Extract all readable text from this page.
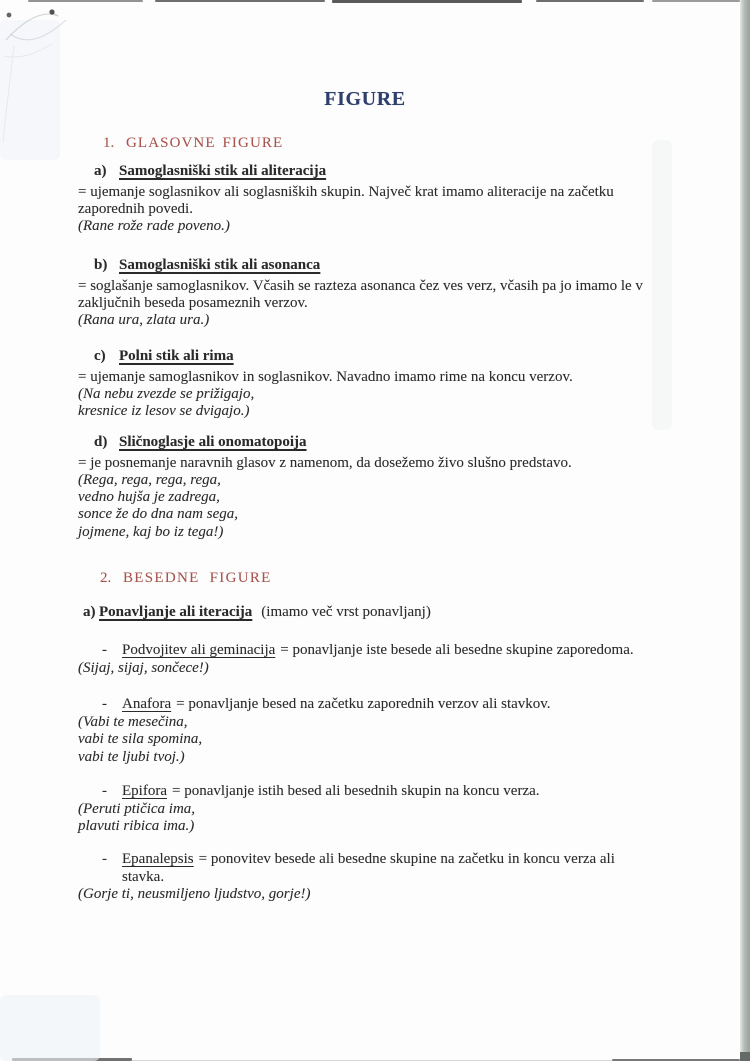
FIGURE
1. GLASOVNE FIGURE
a) Samoglasniški stik ali aliteracija
= ujemanje soglasnikov ali soglasniških skupin. Največ krat imamo aliteracije na začetku
zaporednih povedi.
(Rane rože rade poveno.)
b) Samoglasniški stik ali asonanca
= soglašanje samoglasnikov. Včasih se razteza asonanca čez ves verz, včasih pa jo imamo le v
zaključnih beseda posameznih verzov.
(Rana ura, zlata ura.)
c) Polni stik ali rima
= ujemanje samoglasnikov in soglasnikov. Navadno imamo rime na koncu verzov.
(Na nebu zvezde se prižigajo,
kresnice iz lesov se dvigajo.)
d) Sličnoglasje ali onomatopoija
= je posnemanje naravnih glasov z namenom, da dosežemo živo slušno predstavo.
(Rega, rega, rega, rega,
vedno hujša je zadrega,
sonce že do dna nam sega,
jojmene, kaj bo iz tega!)
2. BESEDNE FIGURE
a) Ponavljanje ali iteracija (imamo več vrst ponavljanj)
- Podvojitev ali geminacija = ponavljanje iste besede ali besedne skupine zaporedoma.
(Sijaj, sijaj, sončece!)
- Anafora = ponavljanje besed na začetku zaporednih verzov ali stavkov.
(Vabi te mesečina,
vabi te sila spomina,
vabi te ljubi tvoj.)
- Epifora = ponavljanje istih besed ali besednih skupin na koncu verza.
(Peruti ptičica ima,
plavuti ribica ima.)
- Epanalepsis = ponovitev besede ali besedne skupine na začetku in koncu verza ali
stavka.
(Gorje ti, neusmiljeno ljudstvo, gorje!)
